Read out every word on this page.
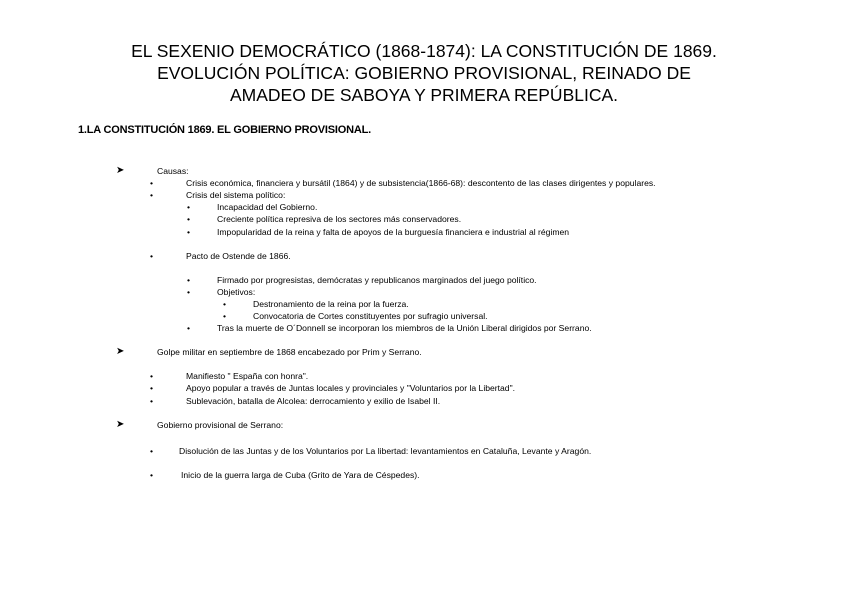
EL SEXENIO DEMOCRÁTICO (1868-1874): LA CONSTITUCIÓN DE 1869.
EVOLUCIÓN POLÍTICA: GOBIERNO PROVISIONAL, REINADO DE
AMADEO DE SABOYA Y PRIMERA REPÚBLICA.
1.LA CONSTITUCIÓN 1869. EL GOBIERNO PROVISIONAL.
➤	Causas:
•	Crisis económica, financiera y bursátil (1864) y de subsistencia(1866-68): descontento de las clases dirigentes y populares.
•	Crisis del sistema político:
•	Incapacidad del Gobierno.
•	Creciente política represiva de los sectores más conservadores.
•	Impopularidad de la reina y falta de apoyos de la burguesía financiera e industrial al régimen
•	Pacto de Ostende de 1866.
•	Firmado por progresistas, demócratas y republicanos marginados del juego político.
•	Objetivos:
•	Destronamiento de la reina por la fuerza.
•	Convocatoria de Cortes constituyentes por sufragio universal.
•	Tras la muerte de O´Donnell se incorporan los miembros de la Unión Liberal dirigidos por Serrano.
➤	Golpe militar en septiembre de 1868 encabezado por Prim y Serrano.
•	Manifiesto " España con honra".
•	Apoyo popular a través de Juntas locales y provinciales y "Voluntarios por la Libertad".
•	Sublevación, batalla de Alcolea: derrocamiento y exilio de Isabel II.
➤	Gobierno provisional de Serrano:
•	Disolución de las Juntas y de los Voluntarios por La libertad: levantamientos en Cataluña, Levante y Aragón.
•	Inicio de la guerra larga de Cuba (Grito de Yara de Céspedes).
